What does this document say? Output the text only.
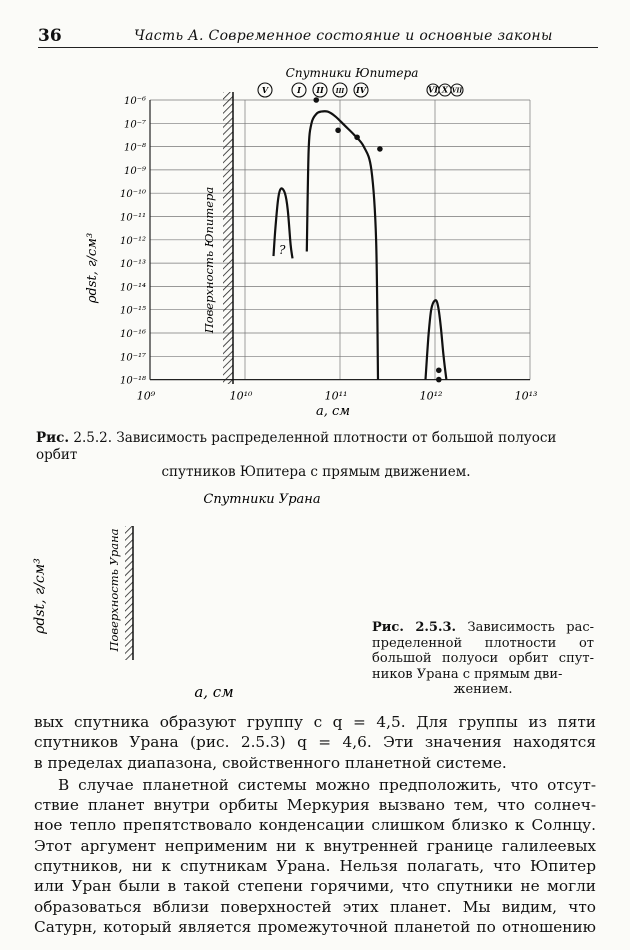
36	Часть А. Современное состояние и основные законы
Спутники Юпитера
V	I II III IV	VI X VII
10⁻⁶
10⁻⁷
10⁻⁸
10⁻⁹
10⁻¹⁰
10⁻¹¹
10⁻¹²
10⁻¹³
10⁻¹⁴
10⁻¹⁵
10⁻¹⁶
10⁻¹⁷
10⁻¹⁸
10⁹	10¹⁰	10¹¹	10¹²	10¹³
Поверхность Юпитера
ρdst, г/см³
a, см
?
Рис. 2.5.2. Зависимость распределенной плотности от большой полуоси орбит
спутников Юпитера с прямым движением.
Спутники Урана
Поверхность Урана
ρdst, г/см³
a, см
Рис. 2.5.3. Зависимость рас- пределенной плотности от большой полуоси орбит спут- ников Урана с прямым дви-
жением.

вых спутника образуют группу с q = 4,5. Для группы из пяти
спутников Урана (рис. 2.5.3) q = 4,6. Эти значения находятся
в пределах диапазона, свойственного планетной системе.

В случае планетной системы можно предположить, что отсут-
ствие планет внутри орбиты Меркурия вызвано тем, что солнеч-
ное тепло препятствовало конденсации слишком близко к Солнцу.
Этот аргумент неприменим ни к внутренней границе галилеевых
спутников, ни к спутникам Урана. Нельзя полагать, что Юпитер
или Уран были в такой степени горячими, что спутники не могли
образоваться вблизи поверхностей этих планет. Мы видим, что
Сатурн, который является промежуточной планетой по отношению
